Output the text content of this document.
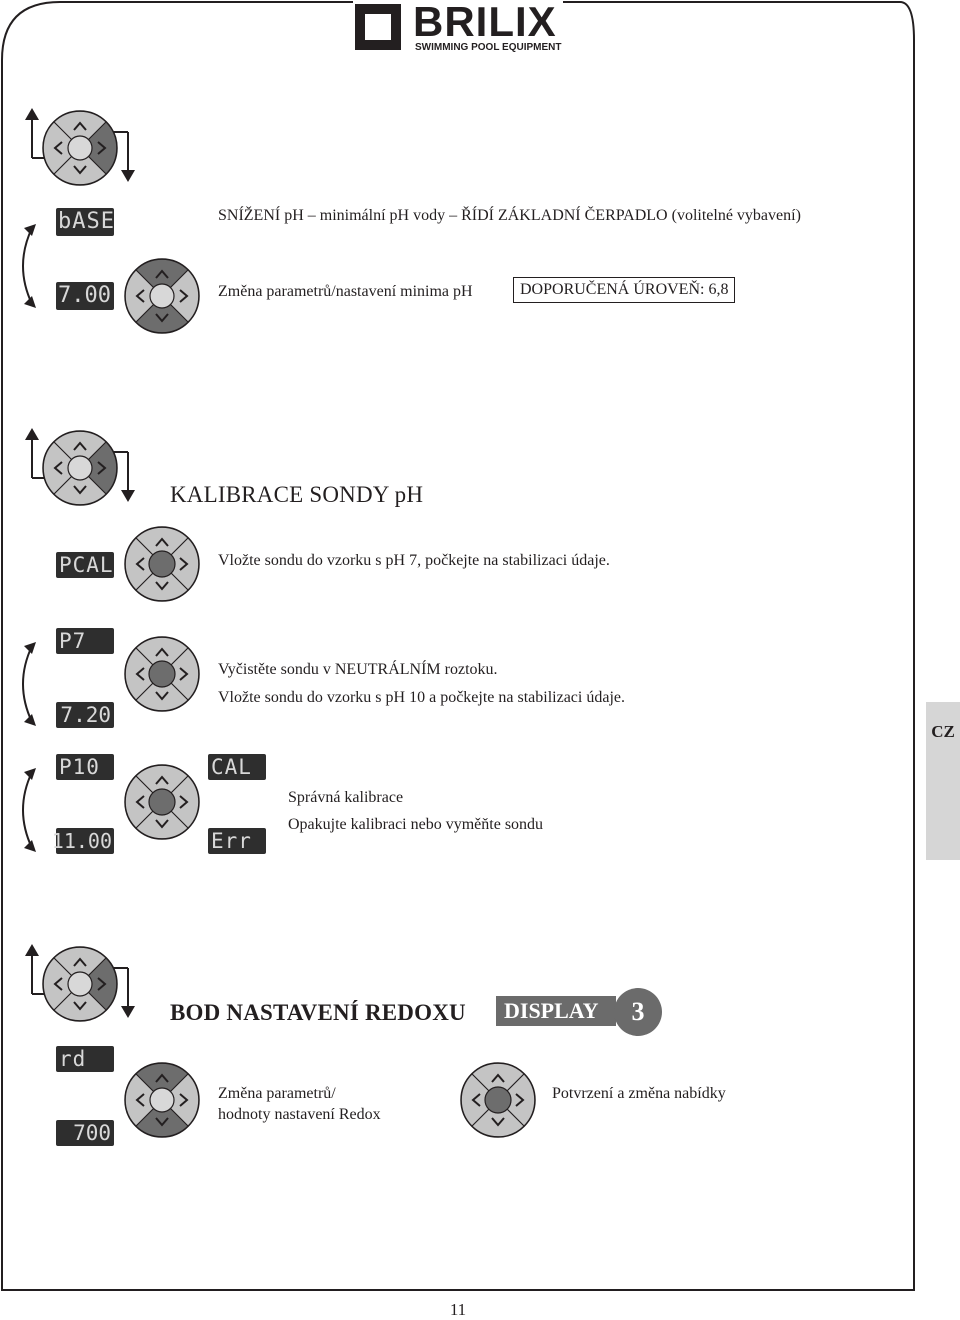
BRILIX
SWIMMING POOL EQUIPMENT
bASE
7.00
SNÍŽENÍ pH – minimální pH vody – ŘÍDÍ ZÁKLADNÍ ČERPADLO (volitelné vybavení)
Změna parametrů/nastavení minima pH	DOPORUČENÁ ÚROVEŇ: 6,8
KALIBRACE SONDY pH
PCAL	Vložte sondu do vzorku s pH 7, počkejte na stabilizaci údaje.
P7
7.20
Vyčistěte sondu v NEUTRÁLNÍM roztoku.
Vložte sondu do vzorku s pH 10 a počkejte na stabilizaci údaje.
P10
11.00
CAL
Err
Správná kalibrace
Opakujte kalibraci nebo vyměňte sondu
CZ
BOD NASTAVENÍ REDOXU	DISPLAY	3
rd
700
Změna parametrů/
hodnoty nastavení Redox
Potvrzení a změna nabídky
11
